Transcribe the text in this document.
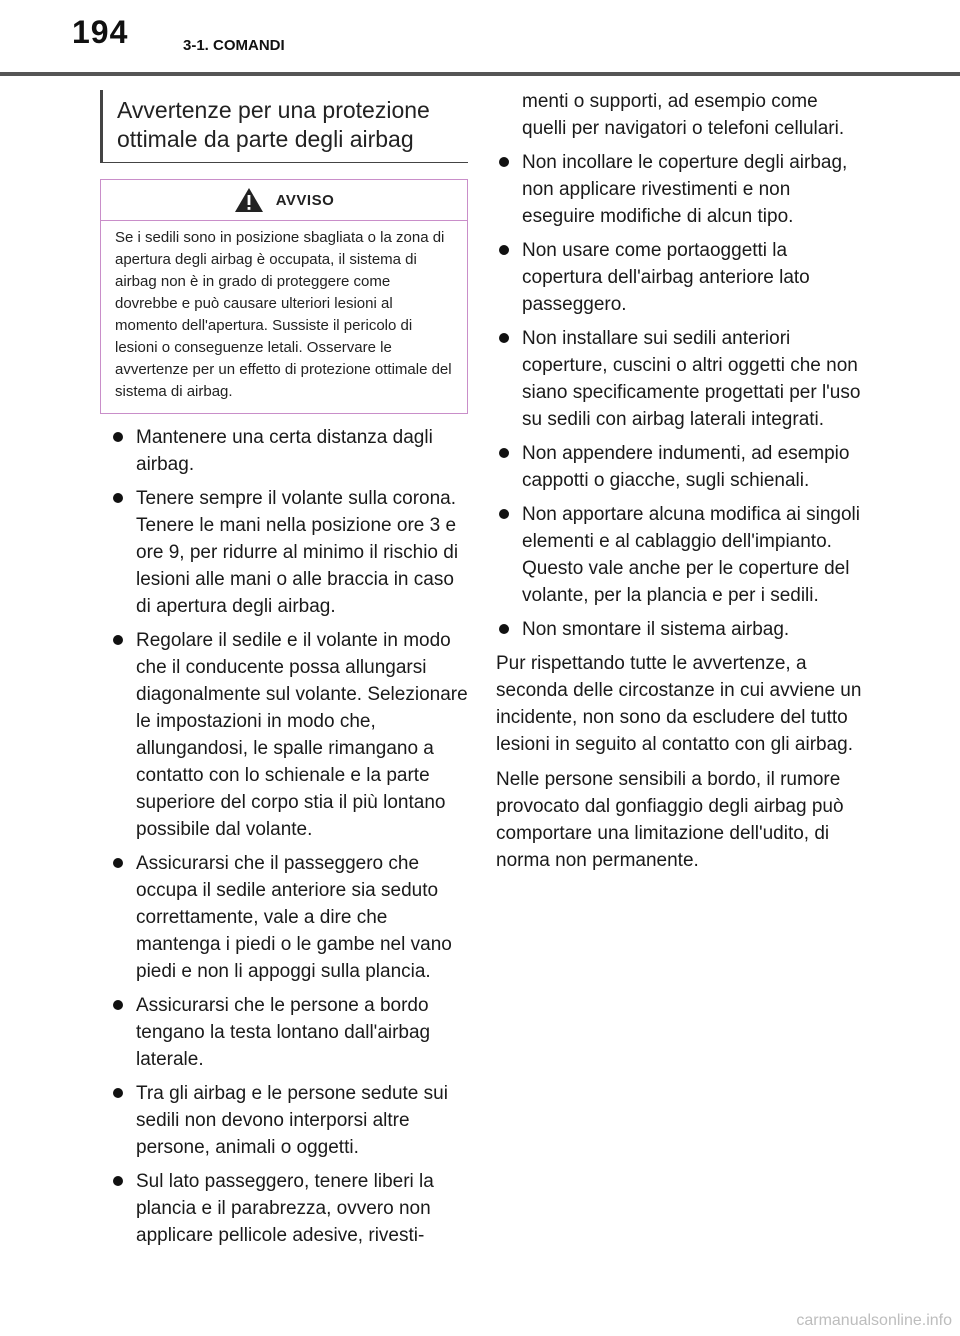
194	3-1. COMANDI
Avvertenze per una protezione ottimale da parte degli airbag
AVVISO
Se i sedili sono in posizione sbagliata o la zona di apertura degli airbag è occupata, il sistema di airbag non è in grado di proteggere come dovrebbe e può causare ulteriori lesioni al momento dell'apertura. Sussiste il pericolo di lesioni o conseguenze letali. Osservare le avvertenze per un effetto di protezione ottimale del sistema di airbag.
Mantenere una certa distanza dagli airbag.
Tenere sempre il volante sulla corona. Tenere le mani nella posizione ore 3 e ore 9, per ridurre al minimo il rischio di lesioni alle mani o alle braccia in caso di apertura degli airbag.
Regolare il sedile e il volante in modo che il conducente possa allungarsi diagonalmente sul volante. Selezionare le impostazioni in modo che, allungandosi, le spalle rimangano a contatto con lo schienale e la parte superiore del corpo stia il più lontano possibile dal volante.
Assicurarsi che il passeggero che occupa il sedile anteriore sia seduto correttamente, vale a dire che mantenga i piedi o le gambe nel vano piedi e non li appoggi sulla plancia.
Assicurarsi che le persone a bordo tengano la testa lontano dall'airbag laterale.
Tra gli airbag e le persone sedute sui sedili non devono interporsi altre persone, animali o oggetti.
Sul lato passeggero, tenere liberi la plancia e il parabrezza, ovvero non applicare pellicole adesive, rivesti-
menti o supporti, ad esempio come quelli per navigatori o telefoni cellulari.
Non incollare le coperture degli airbag, non applicare rivestimenti e non eseguire modifiche di alcun tipo.
Non usare come portaoggetti la copertura dell'airbag anteriore lato passeggero.
Non installare sui sedili anteriori coperture, cuscini o altri oggetti che non siano specificamente progettati per l'uso su sedili con airbag laterali integrati.
Non appendere indumenti, ad esempio cappotti o giacche, sugli schienali.
Non apportare alcuna modifica ai singoli elementi e al cablaggio dell'impianto. Questo vale anche per le coperture del volante, per la plancia e per i sedili.
Non smontare il sistema airbag.

Pur rispettando tutte le avvertenze, a seconda delle circostanze in cui avviene un incidente, non sono da escludere del tutto lesioni in seguito al contatto con gli airbag.

Nelle persone sensibili a bordo, il rumore provocato dal gonfiaggio degli airbag può comportare una limitazione dell'udito, di norma non permanente.

carmanualsonline.info
